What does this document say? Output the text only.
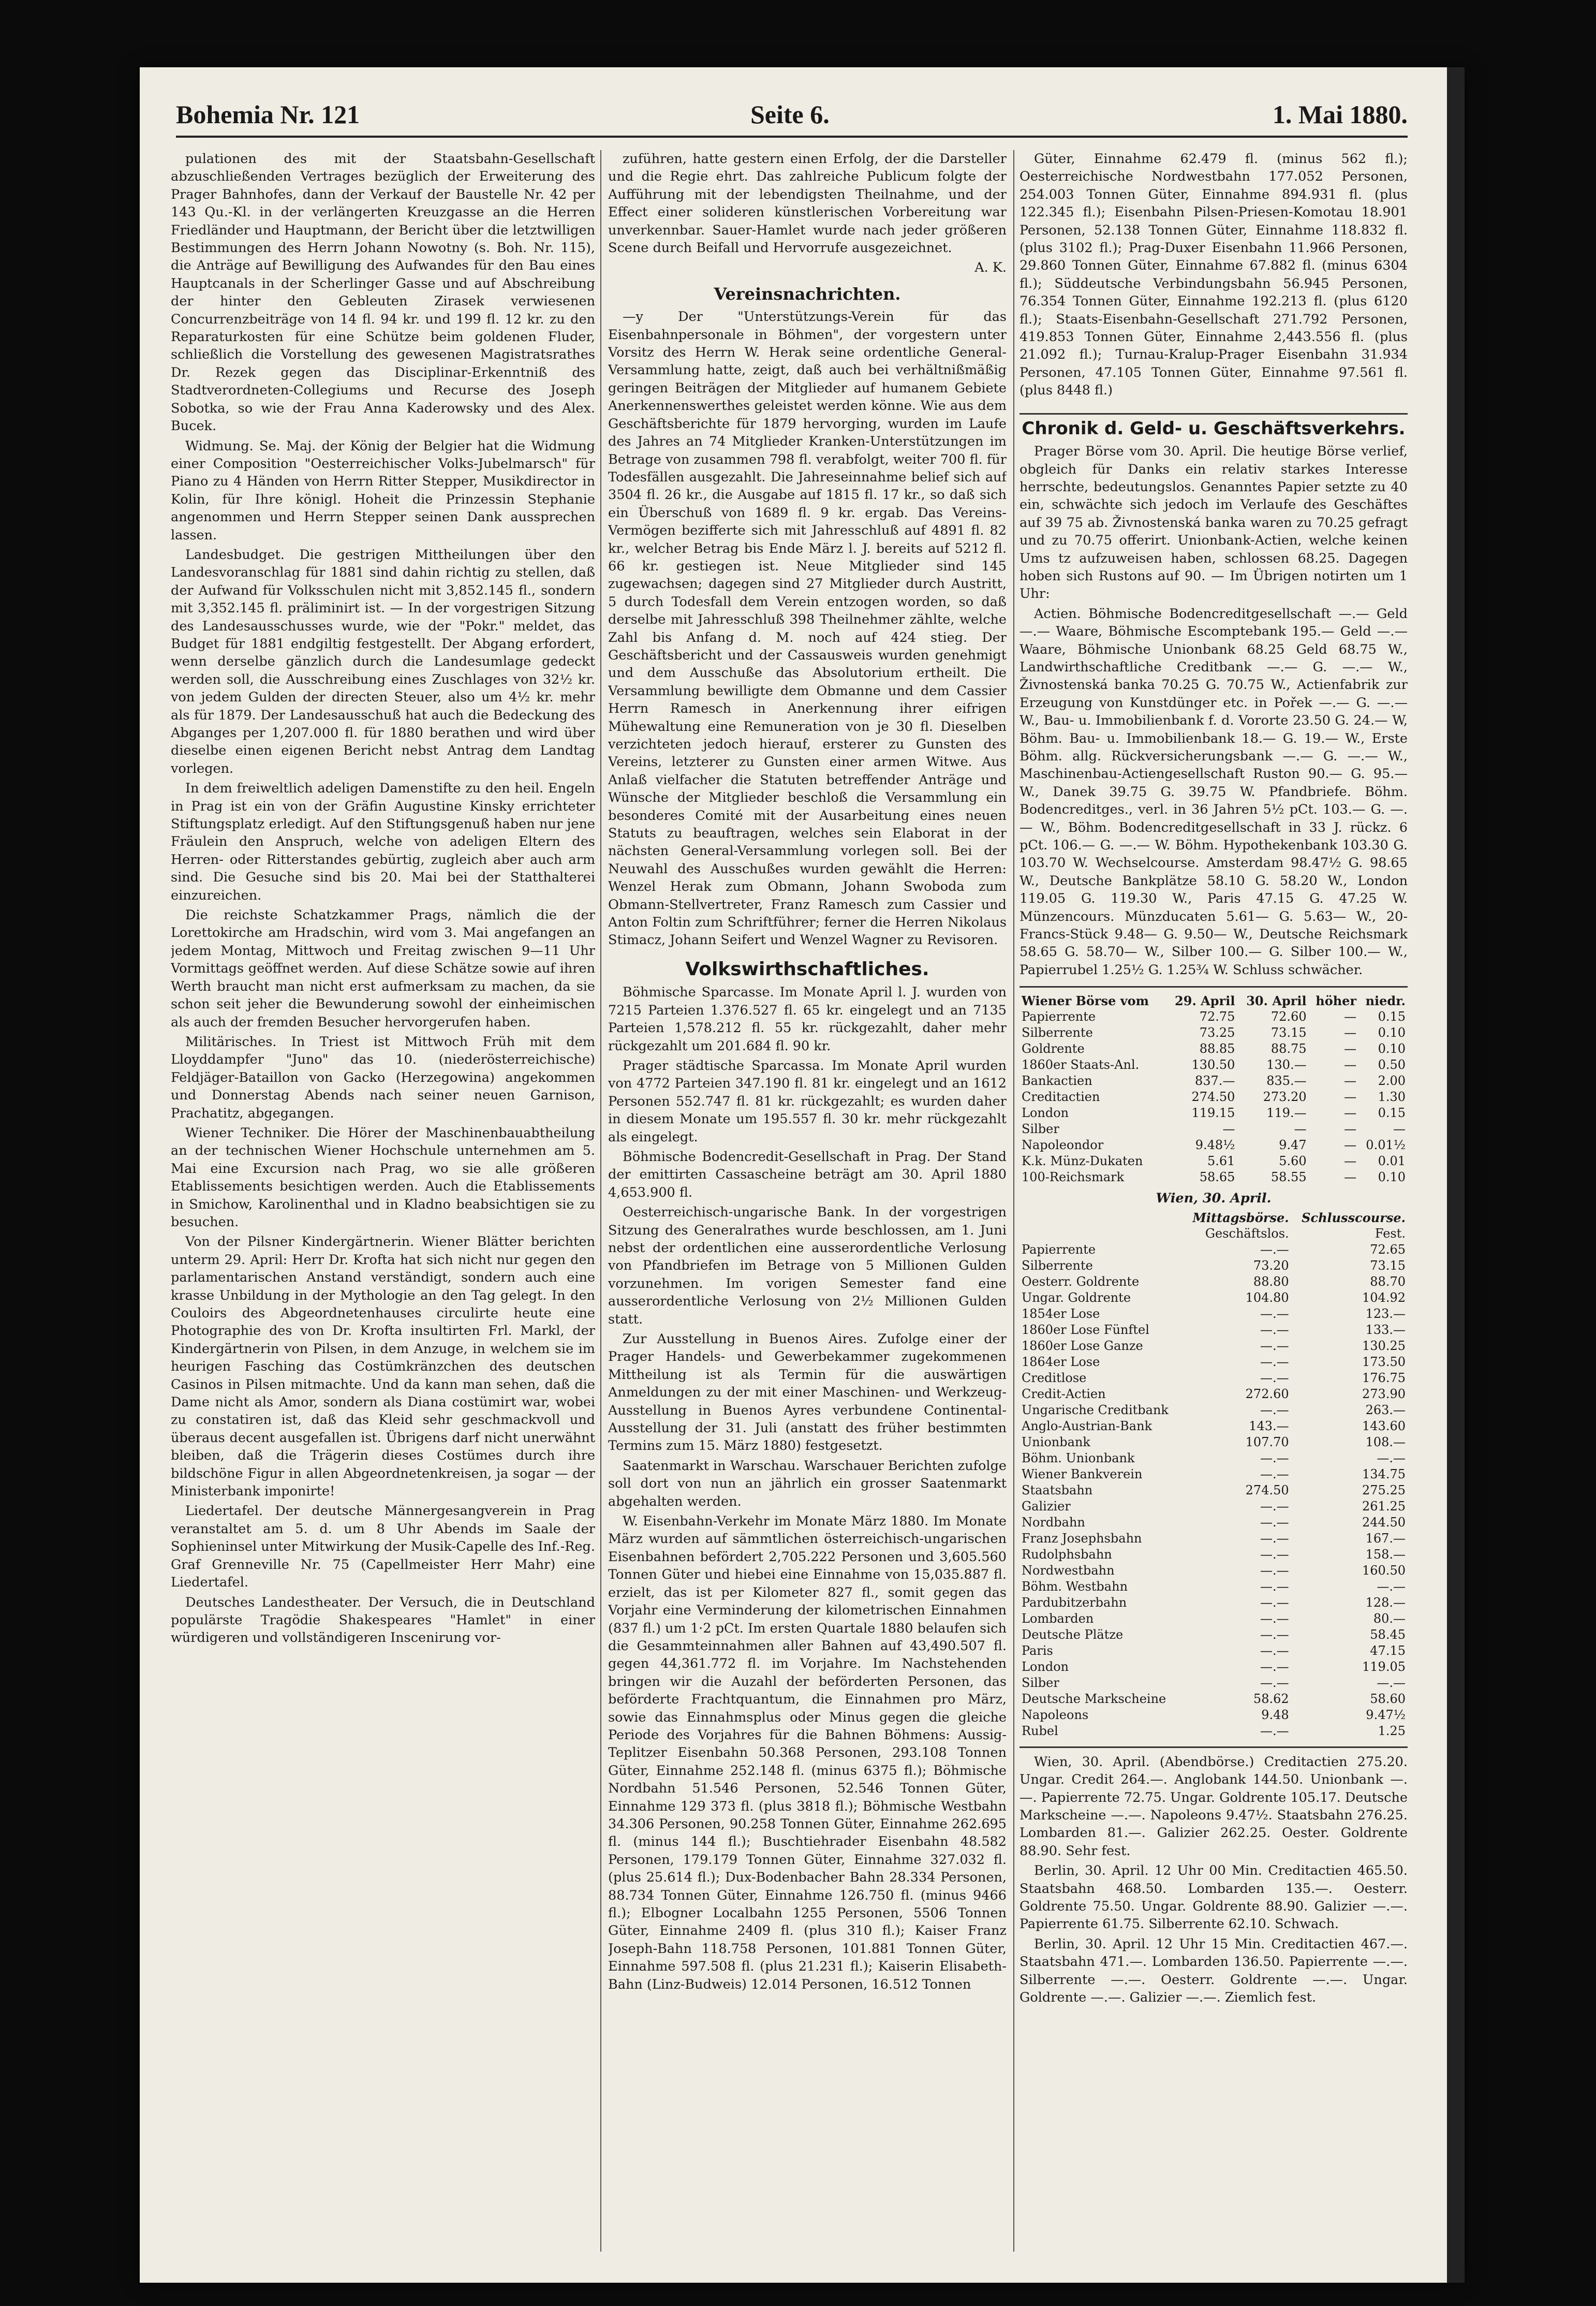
Bohemia Nr. 121	Seite 6.	1. Mai 1880.

pulationen des mit der Staatsbahn-Gesellschaft abzuschließenden Vertrages bezüglich der Erweiterung des Prager Bahnhofes, dann der Verkauf der Baustelle Nr. 42 per 143 Qu.-Kl. in der verlängerten Kreuzgasse an die Herren Friedländer und Hauptmann, der Bericht über die letztwilligen Bestimmungen des Herrn Johann Nowotny (s. Boh. Nr. 115), die Anträge auf Bewilligung des Aufwandes für den Bau eines Hauptcanals in der Scherlinger Gasse und auf Abschreibung der hinter den Gebleuten Zirasek verwiesenen Concurrenzbeiträge von 14 fl. 94 kr. und 199 fl. 12 kr. zu den Reparaturkosten für eine Schütze beim goldenen Fluder, schließlich die Vorstellung des gewesenen Magistratsrathes Dr. Rezek gegen das Disciplinar-Erkenntniß des Stadtverordneten-Collegiums und Recurse des Joseph Sobotka, so wie der Frau Anna Kaderowsky und des Alex. Bucek.

Widmung. Se. Maj. der König der Belgier hat die Widmung einer Composition "Oesterreichischer Volks-Jubelmarsch" für Piano zu 4 Händen von Herrn Ritter Stepper, Musikdirector in Kolin, für Ihre königl. Hoheit die Prinzessin Stephanie angenommen und Herrn Stepper seinen Dank aussprechen lassen.

Landesbudget. Die gestrigen Mittheilungen über den Landesvoranschlag für 1881 sind dahin richtig zu stellen, daß der Aufwand für Volksschulen nicht mit 3,852.145 fl., sondern mit 3,352.145 fl. präliminirt ist. — In der vorgestrigen Sitzung des Landesausschusses wurde, wie der "Pokr." meldet, das Budget für 1881 endgiltig festgestellt. Der Abgang erfordert, wenn derselbe gänzlich durch die Landesumlage gedeckt werden soll, die Ausschreibung eines Zuschlages von 32½ kr. von jedem Gulden der directen Steuer, also um 4½ kr. mehr als für 1879. Der Landesausschuß hat auch die Bedeckung des Abganges per 1,207.000 fl. für 1880 berathen und wird über dieselbe einen eigenen Bericht nebst Antrag dem Landtag vorlegen.

In dem freiweltlich adeligen Damenstifte zu den heil. Engeln in Prag ist ein von der Gräfin Augustine Kinsky errichteter Stiftungsplatz erledigt. Auf den Stiftungsgenuß haben nur jene Fräulein den Anspruch, welche von adeligen Eltern des Herren- oder Ritterstandes gebürtig, zugleich aber auch arm sind. Die Gesuche sind bis 20. Mai bei der Statthalterei einzureichen.

Die reichste Schatzkammer Prags, nämlich die der Lorettokirche am Hradschin, wird vom 3. Mai angefangen an jedem Montag, Mittwoch und Freitag zwischen 9—11 Uhr Vormittags geöffnet werden. Auf diese Schätze sowie auf ihren Werth braucht man nicht erst aufmerksam zu machen, da sie schon seit jeher die Bewunderung sowohl der einheimischen als auch der fremden Besucher hervorgerufen haben.

Militärisches. In Triest ist Mittwoch Früh mit dem Lloyddampfer "Juno" das 10. (niederösterreichische) Feldjäger-Bataillon von Gacko (Herzegowina) angekommen und Donnerstag Abends nach seiner neuen Garnison, Prachatitz, abgegangen.

Wiener Techniker. Die Hörer der Maschinenbauabtheilung an der technischen Wiener Hochschule unternehmen am 5. Mai eine Excursion nach Prag, wo sie alle größeren Etablissements besichtigen werden. Auch die Etablissements in Smichow, Karolinenthal und in Kladno beabsichtigen sie zu besuchen.

Von der Pilsner Kindergärtnerin. Wiener Blätter berichten unterm 29. April: Herr Dr. Krofta hat sich nicht nur gegen den parlamentarischen Anstand verständigt, sondern auch eine krasse Unbildung in der Mythologie an den Tag gelegt. In den Couloirs des Abgeordnetenhauses circulirte heute eine Photographie des von Dr. Krofta insultirten Frl. Markl, der Kindergärtnerin von Pilsen, in dem Anzuge, in welchem sie im heurigen Fasching das Costümkränzchen des deutschen Casinos in Pilsen mitmachte. Und da kann man sehen, daß die Dame nicht als Amor, sondern als Diana costümirt war, wobei zu constatiren ist, daß das Kleid sehr geschmackvoll und überaus decent ausgefallen ist. Übrigens darf nicht unerwähnt bleiben, daß die Trägerin dieses Costümes durch ihre bildschöne Figur in allen Abgeordnetenkreisen, ja sogar — der Ministerbank imponirte!

Liedertafel. Der deutsche Männergesangverein in Prag veranstaltet am 5. d. um 8 Uhr Abends im Saale der Sophieninsel unter Mitwirkung der Musik-Capelle des Inf.-Reg. Graf Grenneville Nr. 75 (Capellmeister Herr Mahr) eine Liedertafel.

Deutsches Landestheater. Der Versuch, die in Deutschland populärste Tragödie Shakespeares "Hamlet" in einer würdigeren und vollständigeren Inscenirung vor-

zuführen, hatte gestern einen Erfolg, der die Darsteller und die Regie ehrt. Das zahlreiche Publicum folgte der Aufführung mit der lebendigsten Theilnahme, und der Effect einer solideren künstlerischen Vorbereitung war unverkennbar. Sauer-Hamlet wurde nach jeder größeren Scene durch Beifall und Hervorrufe ausgezeichnet.

A. K.
Vereinsnachrichten.

—y Der "Unterstützungs-Verein für das Eisenbahnpersonale in Böhmen", der vorgestern unter Vorsitz des Herrn W. Herak seine ordentliche General-Versammlung hatte, zeigt, daß auch bei verhältnißmäßig geringen Beiträgen der Mitglieder auf humanem Gebiete Anerkennenswerthes geleistet werden könne. Wie aus dem Geschäftsberichte für 1879 hervorging, wurden im Laufe des Jahres an 74 Mitglieder Kranken-Unterstützungen im Betrage von zusammen 798 fl. verabfolgt, weiter 700 fl. für Todesfällen ausgezahlt. Die Jahreseinnahme belief sich auf 3504 fl. 26 kr., die Ausgabe auf 1815 fl. 17 kr., so daß sich ein Überschuß von 1689 fl. 9 kr. ergab. Das Vereins-Vermögen bezifferte sich mit Jahresschluß auf 4891 fl. 82 kr., welcher Betrag bis Ende März l. J. bereits auf 5212 fl. 66 kr. gestiegen ist. Neue Mitglieder sind 145 zugewachsen; dagegen sind 27 Mitglieder durch Austritt, 5 durch Todesfall dem Verein entzogen worden, so daß derselbe mit Jahresschluß 398 Theilnehmer zählte, welche Zahl bis Anfang d. M. noch auf 424 stieg. Der Geschäftsbericht und der Cassausweis wurden genehmigt und dem Ausschuße das Absolutorium ertheilt. Die Versammlung bewilligte dem Obmanne und dem Cassier Herrn Ramesch in Anerkennung ihrer eifrigen Mühewaltung eine Remuneration von je 30 fl. Dieselben verzichteten jedoch hierauf, ersterer zu Gunsten des Vereins, letzterer zu Gunsten einer armen Witwe. Aus Anlaß vielfacher die Statuten betreffender Anträge und Wünsche der Mitglieder beschloß die Versammlung ein besonderes Comité mit der Ausarbeitung eines neuen Statuts zu beauftragen, welches sein Elaborat in der nächsten General-Versammlung vorlegen soll. Bei der Neuwahl des Ausschußes wurden gewählt die Herren: Wenzel Herak zum Obmann, Johann Swoboda zum Obmann-Stellvertreter, Franz Ramesch zum Cassier und Anton Foltin zum Schriftführer; ferner die Herren Nikolaus Stimacz, Johann Seifert und Wenzel Wagner zu Revisoren.

Volkswirthschaftliches.

Böhmische Sparcasse. Im Monate April l. J. wurden von 7215 Parteien 1.376.527 fl. 65 kr. eingelegt und an 7135 Parteien 1,578.212 fl. 55 kr. rückgezahlt, daher mehr rückgezahlt um 201.684 fl. 90 kr.

Prager städtische Sparcassa. Im Monate April wurden von 4772 Parteien 347.190 fl. 81 kr. eingelegt und an 1612 Personen 552.747 fl. 81 kr. rückgezahlt; es wurden daher in diesem Monate um 195.557 fl. 30 kr. mehr rückgezahlt als eingelegt.

Böhmische Bodencredit-Gesellschaft in Prag. Der Stand der emittirten Cassascheine beträgt am 30. April 1880 4,653.900 fl.

Oesterreichisch-ungarische Bank. In der vorgestrigen Sitzung des Generalrathes wurde beschlossen, am 1. Juni nebst der ordentlichen eine ausserordentliche Verlosung von Pfandbriefen im Betrage von 5 Millionen Gulden vorzunehmen. Im vorigen Semester fand eine ausserordentliche Verlosung von 2½ Millionen Gulden statt.

Zur Ausstellung in Buenos Aires. Zufolge einer der Prager Handels- und Gewerbekammer zugekommenen Mittheilung ist als Termin für die auswärtigen Anmeldungen zu der mit einer Maschinen- und Werkzeug-Ausstellung in Buenos Ayres verbundene Continental-Ausstellung der 31. Juli (anstatt des früher bestimmten Termins zum 15. März 1880) festgesetzt.

Saatenmarkt in Warschau. Warschauer Berichten zufolge soll dort von nun an jährlich ein grosser Saatenmarkt abgehalten werden.

W. Eisenbahn-Verkehr im Monate März 1880. Im Monate März wurden auf sämmtlichen österreichisch-ungarischen Eisenbahnen befördert 2,705.222 Personen und 3,605.560 Tonnen Güter und hiebei eine Einnahme von 15,035.887 fl. erzielt, das ist per Kilometer 827 fl., somit gegen das Vorjahr eine Verminderung der kilometrischen Einnahmen (837 fl.) um 1·2 pCt. Im ersten Quartale 1880 belaufen sich die Gesammteinnahmen aller Bahnen auf 43,490.507 fl. gegen 44,361.772 fl. im Vorjahre. Im Nachstehenden bringen wir die Auzahl der beförderten Personen, das beförderte Frachtquantum, die Einnahmen pro März, sowie das Einnahmsplus oder Minus gegen die gleiche Periode des Vorjahres für die Bahnen Böhmens: Aussig-Teplitzer Eisenbahn 50.368 Personen, 293.108 Tonnen Güter, Einnahme 252.148 fl. (minus 6375 fl.); Böhmische Nordbahn 51.546 Personen, 52.546 Tonnen Güter, Einnahme 129 373 fl. (plus 3818 fl.); Böhmische Westbahn 34.306 Personen, 90.258 Tonnen Güter, Einnahme 262.695 fl. (minus 144 fl.); Buschtiehrader Eisenbahn 48.582 Personen, 179.179 Tonnen Güter, Einnahme 327.032 fl. (plus 25.614 fl.); Dux-Bodenbacher Bahn 28.334 Personen, 88.734 Tonnen Güter, Einnahme 126.750 fl. (minus 9466 fl.); Elbogner Localbahn 1255 Personen, 5506 Tonnen Güter, Einnahme 2409 fl. (plus 310 fl.); Kaiser Franz Joseph-Bahn 118.758 Personen, 101.881 Tonnen Güter, Einnahme 597.508 fl. (plus 21.231 fl.); Kaiserin Elisabeth-Bahn (Linz-Budweis) 12.014 Personen, 16.512 Tonnen

Güter, Einnahme 62.479 fl. (minus 562 fl.); Oesterreichische Nordwestbahn 177.052 Personen, 254.003 Tonnen Güter, Einnahme 894.931 fl. (plus 122.345 fl.); Eisenbahn Pilsen-Priesen-Komotau 18.901 Personen, 52.138 Tonnen Güter, Einnahme 118.832 fl. (plus 3102 fl.); Prag-Duxer Eisenbahn 11.966 Personen, 29.860 Tonnen Güter, Einnahme 67.882 fl. (minus 6304 fl.); Süddeutsche Verbindungsbahn 56.945 Personen, 76.354 Tonnen Güter, Einnahme 192.213 fl. (plus 6120 fl.); Staats-Eisenbahn-Gesellschaft 271.792 Personen, 419.853 Tonnen Güter, Einnahme 2,443.556 fl. (plus 21.092 fl.); Turnau-Kralup-Prager Eisenbahn 31.934 Personen, 47.105 Tonnen Güter, Einnahme 97.561 fl. (plus 8448 fl.)

Chronik d. Geld- u. Geschäftsverkehrs.

Prager Börse vom 30. April. Die heutige Börse verlief, obgleich für Danks ein relativ starkes Interesse herrschte, bedeutungslos. Genanntes Papier setzte zu 40 ein, schwächte sich jedoch im Verlaufe des Geschäftes auf 39 75 ab. Živnostenská banka waren zu 70.25 gefragt und zu 70.75 offerirt. Unionbank-Actien, welche keinen Ums tz aufzuweisen haben, schlossen 68.25. Dagegen hoben sich Rustons auf 90. — Im Übrigen notirten um 1 Uhr:

Actien. Böhmische Bodencreditgesellschaft —.— Geld —.— Waare, Böhmische Escomptebank 195.— Geld —.— Waare, Böhmische Unionbank 68.25 Geld 68.75 W., Landwirthschaftliche Creditbank —.— G. —.— W., Živnostenská banka 70.25 G. 70.75 W., Actienfabrik zur Erzeugung von Kunstdünger etc. in Pořek —.— G. —.— W., Bau- u. Immobilienbank f. d. Vororte 23.50 G. 24.— W, Böhm. Bau- u. Immobilienbank 18.— G. 19.— W., Erste Böhm. allg. Rückversicherungsbank —.— G. —.— W., Maschinenbau-Actiengesellschaft Ruston 90.— G. 95.— W., Danek 39.75 G. 39.75 W. Pfandbriefe. Böhm. Bodencreditges., verl. in 36 Jahren 5½ pCt. 103.— G. —.— W., Böhm. Bodencreditgesellschaft in 33 J. rückz. 6 pCt. 106.— G. —.— W. Böhm. Hypothekenbank 103.30 G. 103.70 W. Wechselcourse. Amsterdam 98.47½ G. 98.65 W., Deutsche Bankplätze 58.10 G. 58.20 W., London 119.05 G. 119.30 W., Paris 47.15 G. 47.25 W. Münzencours. Münzducaten 5.61— G. 5.63— W., 20-Francs-Stück 9.48— G. 9.50— W., Deutsche Reichsmark 58.65 G. 58.70— W., Silber 100.— G. Silber 100.— W., Papierrubel 1.25½ G. 1.25¾ W. Schluss schwächer.

Wiener Börse vom	29. April	30. April	höher	niedr.
Papierrente	72.75	72.60	—	0.15
Silberrente	73.25	73.15	—	0.10
Goldrente	88.85	88.75	—	0.10
1860er Staats-Anl.	130.50	130.—	—	0.50
Bankactien	837.—	835.—	—	2.00
Creditactien	274.50	273.20	—	1.30
London	119.15	119.—	—	0.15
Silber	—	—	—	—
Napoleondor	9.48½	9.47	—	0.01½
K.k. Münz-Dukaten	5.61	5.60	—	0.01
100-Reichsmark	58.65	58.55	—	0.10
Wien, 30. April.
	Mittagsbörse.	Schlusscourse.
	Geschäftslos.	Fest.
Papierrente	—.—	72.65
Silberrente	73.20	73.15
Oesterr. Goldrente	88.80	88.70
Ungar. Goldrente	104.80	104.92
1854er Lose	—.—	123.—
1860er Lose Fünftel	—.—	133.—
1860er Lose Ganze	—.—	130.25
1864er Lose	—.—	173.50
Creditlose	—.—	176.75
Credit-Actien	272.60	273.90
Ungarische Creditbank	—.—	263.—
Anglo-Austrian-Bank	143.—	143.60
Unionbank	107.70	108.—
Böhm. Unionbank	—.—	—.—
Wiener Bankverein	—.—	134.75
Staatsbahn	274.50	275.25
Galizier	—.—	261.25
Nordbahn	—.—	244.50
Franz Josephsbahn	—.—	167.—
Rudolphsbahn	—.—	158.—
Nordwestbahn	—.—	160.50
Böhm. Westbahn	—.—	—.—
Pardubitzerbahn	—.—	128.—
Lombarden	—.—	80.—
Deutsche Plätze	—.—	58.45
Paris	—.—	47.15
London	—.—	119.05
Silber	—.—	—.—
Deutsche Markscheine	58.62	58.60
Napoleons	9.48	9.47½
Rubel	—.—	1.25

Wien, 30. April. (Abendbörse.) Creditactien 275.20. Ungar. Credit 264.—. Anglobank 144.50. Unionbank —.—. Papierrente 72.75. Ungar. Goldrente 105.17. Deutsche Markscheine —.—. Napoleons 9.47½. Staatsbahn 276.25. Lombarden 81.—. Galizier 262.25. Oester. Goldrente 88.90. Sehr fest.

Berlin, 30. April. 12 Uhr 00 Min. Creditactien 465.50. Staatsbahn 468.50. Lombarden 135.—. Oesterr. Goldrente 75.50. Ungar. Goldrente 88.90. Galizier —.—. Papierrente 61.75. Silberrente 62.10. Schwach.

Berlin, 30. April. 12 Uhr 15 Min. Creditactien 467.—. Staatsbahn 471.—. Lombarden 136.50. Papierrente —.—. Silberrente —.—. Oesterr. Goldrente —.—. Ungar. Goldrente —.—. Galizier —.—. Ziemlich fest.
